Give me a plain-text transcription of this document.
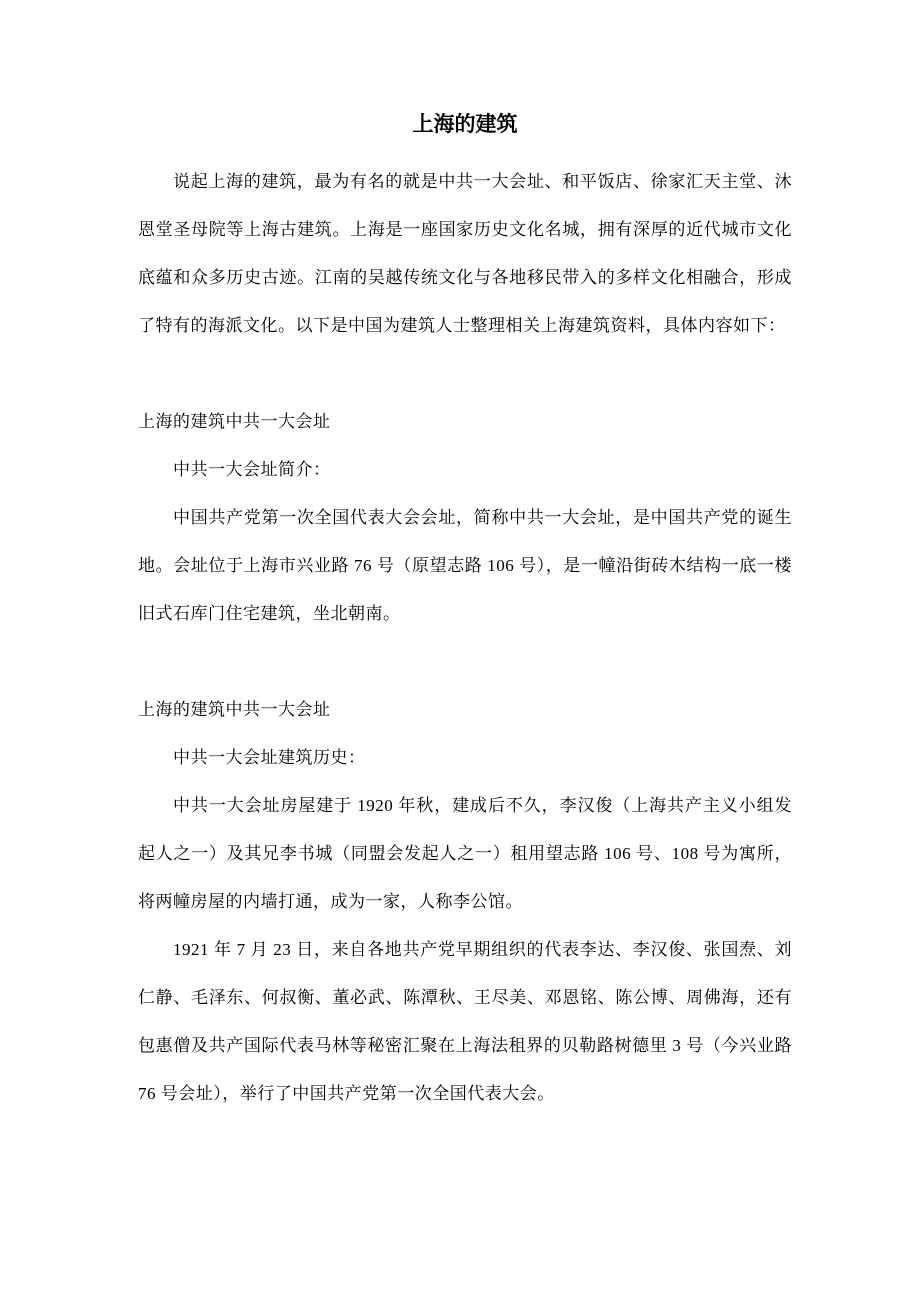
上海的建筑

说起上海的建筑，最为有名的就是中共一大会址、和平饭店、徐家汇天主堂、沐恩堂圣母院等上海古建筑。上海是一座国家历史文化名城，拥有深厚的近代城市文化底蕴和众多历史古迹。江南的吴越传统文化与各地移民带入的多样文化相融合，形成了特有的海派文化。以下是中国为建筑人士整理相关上海建筑资料，具体内容如下：

上海的建筑中共一大会址

中共一大会址简介：

中国共产党第一次全国代表大会会址，简称中共一大会址，是中国共产党的诞生地。会址位于上海市兴业路 76 号（原望志路 106 号），是一幢沿街砖木结构一底一楼旧式石库门住宅建筑，坐北朝南。

上海的建筑中共一大会址

中共一大会址建筑历史：

中共一大会址房屋建于 1920 年秋，建成后不久，李汉俊（上海共产主义小组发起人之一）及其兄李书城（同盟会发起人之一）租用望志路 106 号、108 号为寓所，将两幢房屋的内墙打通，成为一家，人称李公馆。

1921 年 7 月 23 日，来自各地共产党早期组织的代表李达、李汉俊、张国焘、刘仁静、毛泽东、何叔衡、董必武、陈潭秋、王尽美、邓恩铭、陈公博、周佛海，还有包惠僧及共产国际代表马林等秘密汇聚在上海法租界的贝勒路树德里 3 号（今兴业路 76 号会址），举行了中国共产党第一次全国代表大会。
